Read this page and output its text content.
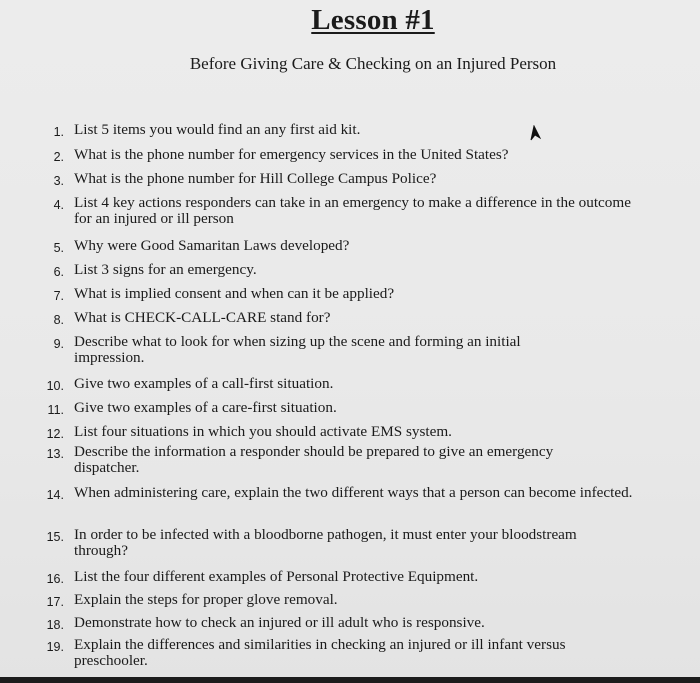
Lesson #1

Before Giving Care & Checking on an Injured Person

1. List 5 items you would find an any first aid kit.
2. What is the phone number for emergency services in the United States?
3. What is the phone number for Hill College Campus Police?
4. List 4 key actions responders can take in an emergency to make a difference in the outcome for an injured or ill person
5. Why were Good Samaritan Laws developed?
6. List 3 signs for an emergency.
7. What is implied consent and when can it be applied?
8. What is CHECK-CALL-CARE stand for?
9. Describe what to look for when sizing up the scene and forming an initial impression.
10. Give two examples of a call-first situation.
11. Give two examples of a care-first situation.
12. List four situations in which you should activate EMS system.
13. Describe the information a responder should be prepared to give an emergency dispatcher.
14. When administering care, explain the two different ways that a person can become infected.
15. In order to be infected with a bloodborne pathogen, it must enter your bloodstream through?
16. List the four different examples of Personal Protective Equipment.
17. Explain the steps for proper glove removal.
18. Demonstrate how to check an injured or ill adult who is responsive.
19. Explain the differences and similarities in checking an injured or ill infant versus preschooler.
